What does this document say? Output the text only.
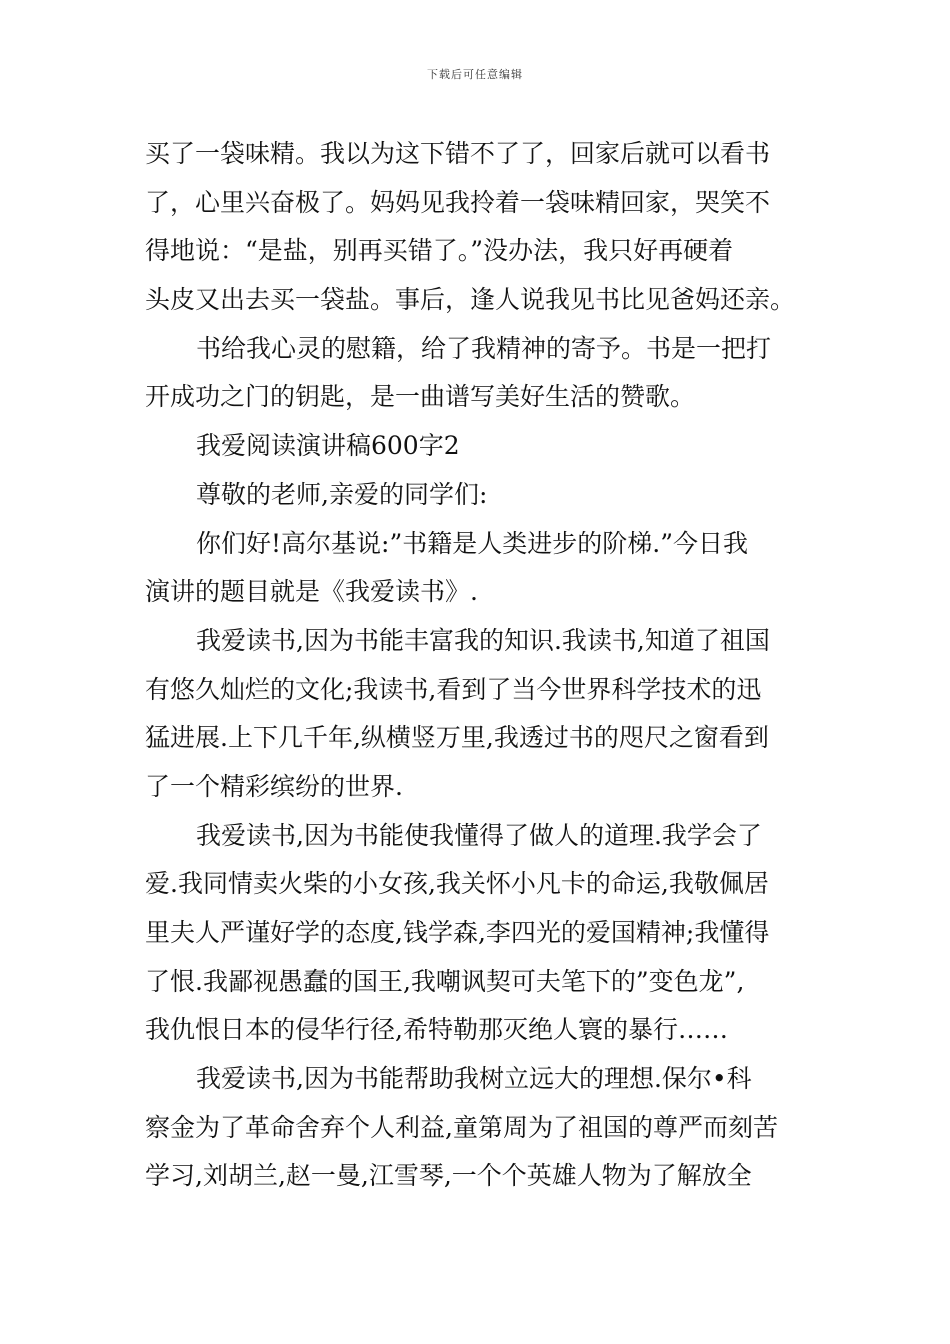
下载后可任意编辑
买了一袋味精。我以为这下错不了了，回家后就可以看书
了，心里兴奋极了。妈妈见我拎着一袋味精回家，哭笑不
得地说：“是盐，别再买错了。”没办法，我只好再硬着
头皮又出去买一袋盐。事后，逢人说我见书比见爸妈还亲。
书给我心灵的慰籍，给了我精神的寄予。书是一把打
开成功之门的钥匙，是一曲谱写美好生活的赞歌。
我爱阅读演讲稿600字2
尊敬的老师,亲爱的同学们:
你们好!高尔基说:”书籍是人类进步的阶梯.”今日我
演讲的题目就是《我爱读书》.
我爱读书,因为书能丰富我的知识.我读书,知道了祖国
有悠久灿烂的文化;我读书,看到了当今世界科学技术的迅
猛进展.上下几千年,纵横竖万里,我透过书的咫尺之窗看到
了一个精彩缤纷的世界.
我爱读书,因为书能使我懂得了做人的道理.我学会了
爱.我同情卖火柴的小女孩,我关怀小凡卡的命运,我敬佩居
里夫人严谨好学的态度,钱学森,李四光的爱国精神;我懂得
了恨.我鄙视愚蠢的国王,我嘲讽契可夫笔下的”变色龙”,
我仇恨日本的侵华行径,希特勒那灭绝人寰的暴行……
我爱读书,因为书能帮助我树立远大的理想.保尔•科
察金为了革命舍弃个人利益,童第周为了祖国的尊严而刻苦
学习,刘胡兰,赵一曼,江雪琴,一个个英雄人物为了解放全
